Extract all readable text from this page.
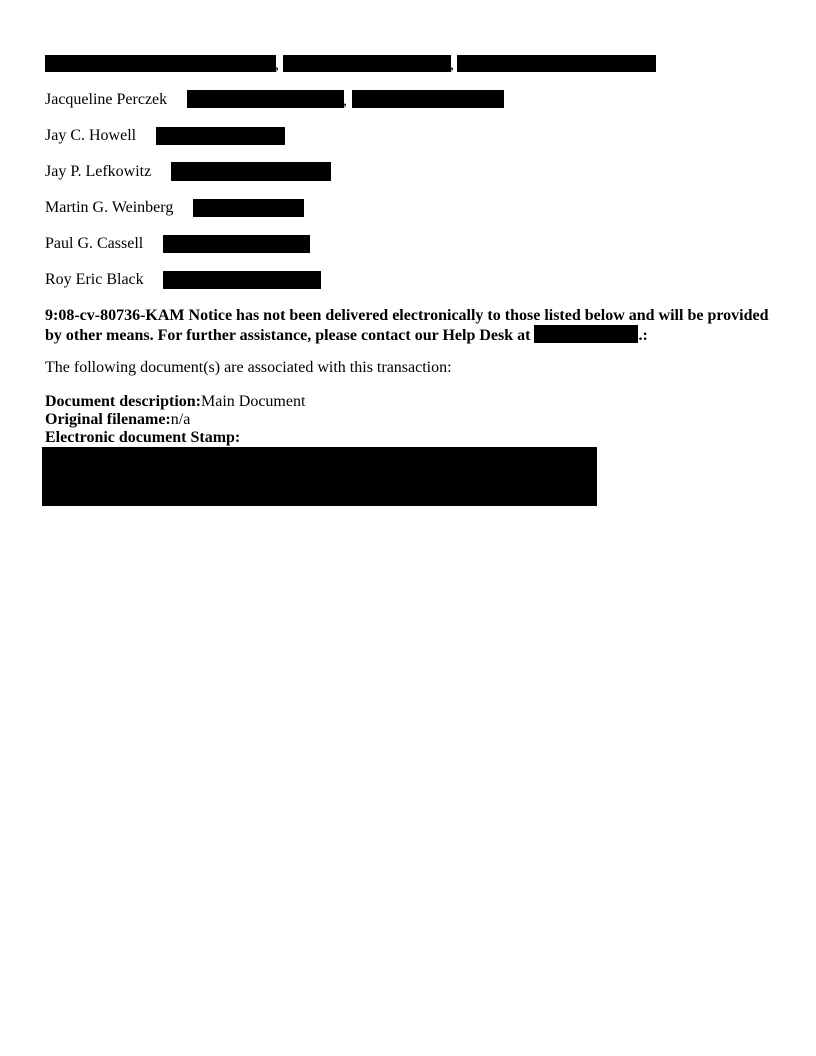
,	,
Jacqueline Perczek	,
Jay C. Howell
Jay P. Lefkowitz
Martin G. Weinberg
Paul G. Cassell
Roy Eric Black
9:08-cv-80736-KAM Notice has not been delivered electronically to those listed below and will be provided by other means. For further assistance, please contact our Help Desk at	.:
The following document(s) are associated with this transaction:
Document description:Main Document
Original filename:n/a
Electronic document Stamp:
